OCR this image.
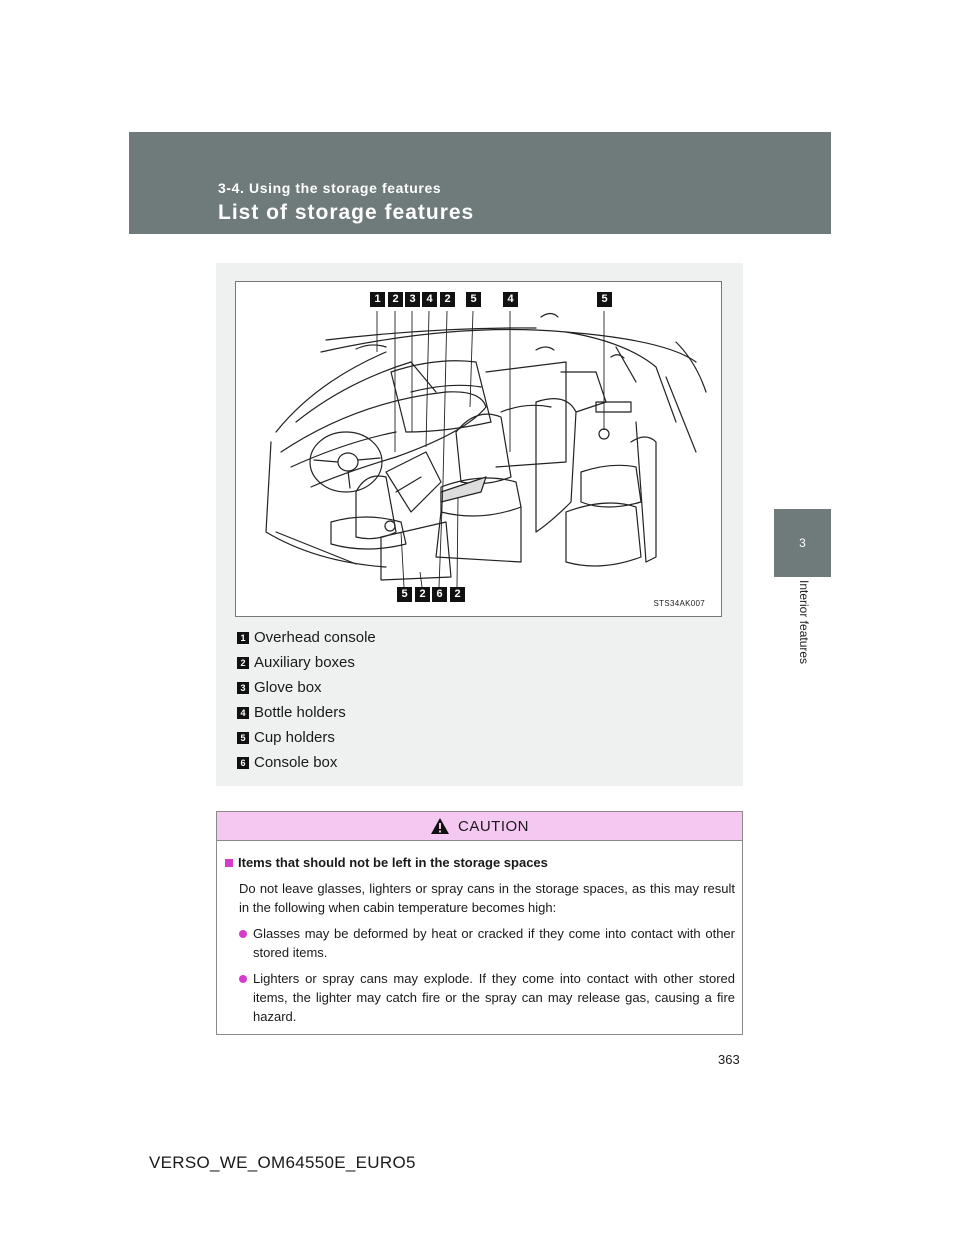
3-4. Using the storage features
List of storage features
3
Interior features
1	2 3 4	2	5	4	5
5	2 6	2
STS34AK007
1 Overhead console
2 Auxiliary boxes
3 Glove box
4 Bottle holders
5 Cup holders
6 Console box
CAUTION
Items that should not be left in the storage spaces
Do not leave glasses, lighters or spray cans in the storage spaces, as this may result in the following when cabin temperature becomes high:
Glasses may be deformed by heat or cracked if they come into contact with other stored items.
Lighters or spray cans may explode. If they come into contact with other stored items, the lighter may catch fire or the spray can may release gas, causing a fire hazard.
363
VERSO_WE_OM64550E_EURO5
